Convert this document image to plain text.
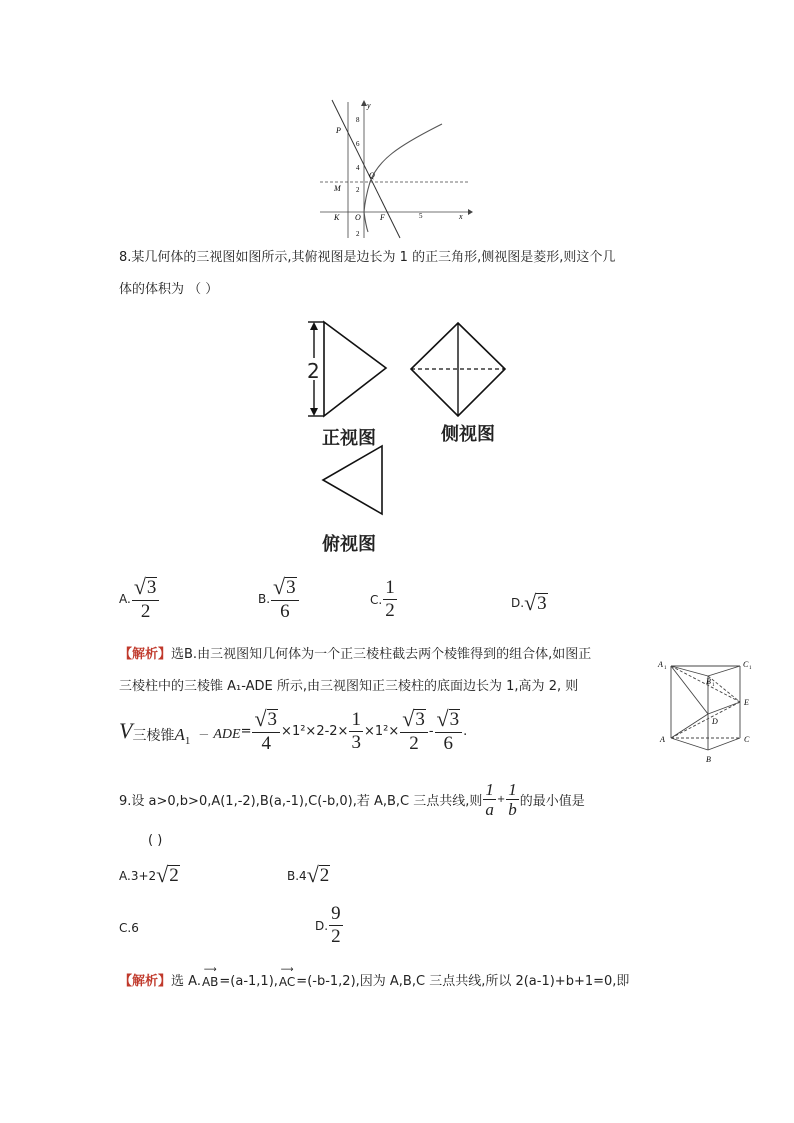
y
x
P
M
K O F
Q
8
6
4
2
2
5
8.某几何体的三视图如图所示,其俯视图是边长为 1 的正三角形,侧视图是菱形,则这个几
体的体积为 （ ）
2
正视图	侧视图
俯视图
A. $\frac{√ 3}{2}$	B. $\frac{√ 3}{6}$	C. $\frac{1}{2}$	D. √ 3
【解析】选B.由三视图知几何体为一个正三棱柱截去两个棱锥得到的组合体,如图正
三棱柱中的三棱锥 A₁-ADE 所示,由三视图知正三棱柱的底面边长为 1,高为 2, 则
V 三棱锥 A 1 － ADE = $\frac{√ 3}{4} \times 1^2\times 2-2\times \frac{1}{3} \times 1^2\times \frac{√ 3}{2} - \frac{√ 3}{6}$ .
A 1
B 1
C 1
E
D
A	C
B
9.设 a>0,b>0,A(1,-2),B(a,-1),C(-b,0),若 A,B,C 三点共线,则 $\frac{1}{a} + \frac{1}{b}$ 的最小值是
( )
A.3+2 √ 2	B.4 √ 2
C.6	D. $\frac{9}{2}$
【解析】 选 A.
⟶
AB =(a-1,1),
⟶
AC =(-b-1,2),因为 A,B,C 三点共线,所以 2(a-1)+b+1=0,即
